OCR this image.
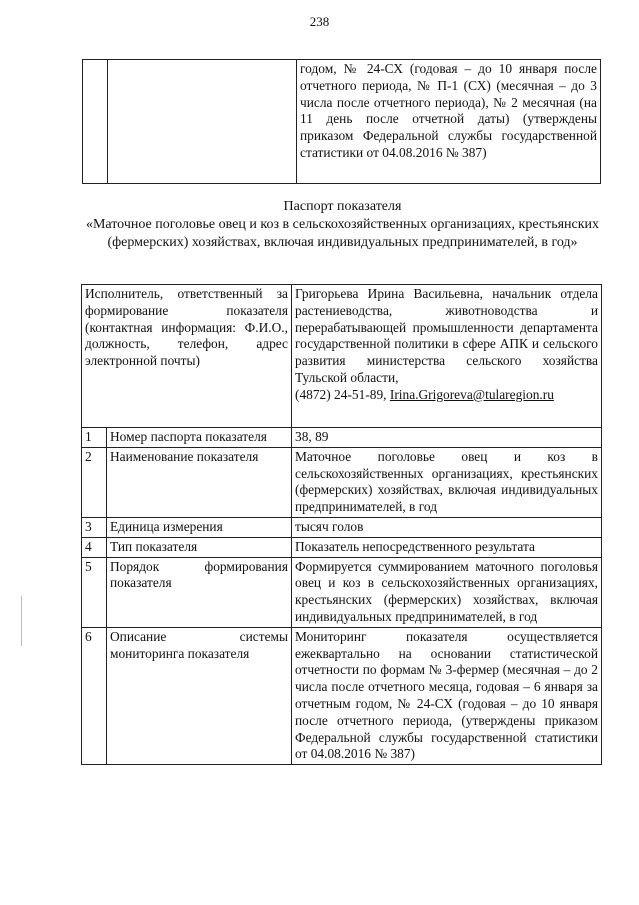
238
		годом, № 24-СХ (годовая – до 10 января после отчетного периода, № П-1 (СХ) (месячная – до 3 числа после отчетного периода), № 2 месячная (на 11 день после отчетной даты) (утверждены приказом Федеральной службы государственной статистики от 04.08.2016 № 387)
Паспорт показателя
«Маточное поголовье овец и коз в сельскохозяйственных организациях, крестьянских (фермерских) хозяйствах, включая индивидуальных предпринимателей, в год»
Исполнитель, ответственный за формирование показателя (контактная информация: Ф.И.О., должность, телефон, адрес электронной почты)		Григорьева Ирина Васильевна, начальник отдела растениеводства, животноводства и перерабатывающей промышленности департамента государственной политики в сфере АПК и сельского развития министерства сельского хозяйства Тульской области,
(4872) 24-51-89, Irina.Grigoreva@tularegion.ru
1	Номер паспорта показателя	38, 89
2	Наименование показателя	Маточное поголовье овец и коз в сельскохозяйственных организациях, крестьянских (фермерских) хозяйствах, включая индивидуальных предпринимателей, в год
3	Единица измерения	тысяч голов
4	Тип показателя	Показатель непосредственного результата
5	Порядок формирования показателя	Формируется суммированием маточного поголовья овец и коз в сельскохозяйственных организациях, крестьянских (фермерских) хозяйствах, включая индивидуальных предпринимателей, в год
6	Описание системы мониторинга показателя	Мониторинг показателя осуществляется ежеквартально на основании статистической отчетности по формам № 3-фермер (месячная – до 2 числа после отчетного месяца, годовая – 6 января за отчетным годом, № 24-СХ (годовая – до 10 января после отчетного периода, (утверждены приказом Федеральной службы государственной статистики от 04.08.2016 № 387)
